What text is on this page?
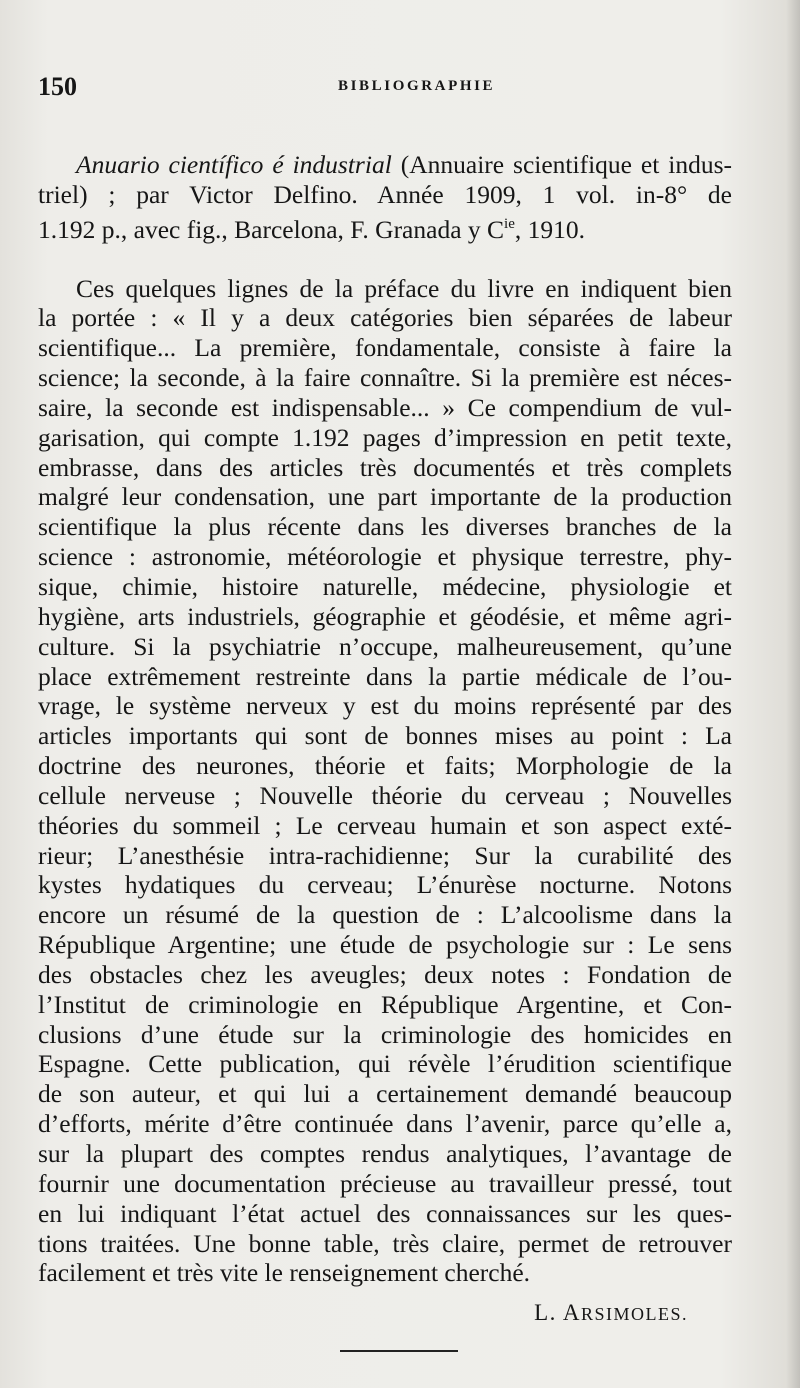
150	BIBLIOGRAPHIE
Anuario científico é industrial (Annuaire scientifique et indus-
triel) ; par Victor Delfino. Année 1909, 1 vol. in-8° de
1.192 p., avec fig., Barcelona, F. Granada y $C^{ie}$, 1910.
Ces quelques lignes de la préface du livre en indiquent bien
la portée : « Il y a deux catégories bien séparées de labeur
scientifique... La première, fondamentale, consiste à faire la
science; la seconde, à la faire connaître. Si la première est néces-
saire, la seconde est indispensable... » Ce compendium de vul-
garisation, qui compte 1.192 pages d’impression en petit texte,
embrasse, dans des articles très documentés et très complets
malgré leur condensation, une part importante de la production
scientifique la plus récente dans les diverses branches de la
science : astronomie, météorologie et physique terrestre, phy-
sique, chimie, histoire naturelle, médecine, physiologie et
hygiène, arts industriels, géographie et géodésie, et même agri-
culture. Si la psychiatrie n’occupe, malheureusement, qu’une
place extrêmement restreinte dans la partie médicale de l’ou-
vrage, le système nerveux y est du moins représenté par des
articles importants qui sont de bonnes mises au point : La
doctrine des neurones, théorie et faits; Morphologie de la
cellule nerveuse ; Nouvelle théorie du cerveau ; Nouvelles
théories du sommeil ; Le cerveau humain et son aspect exté-
rieur; L’anesthésie intra-rachidienne; Sur la curabilité des
kystes hydatiques du cerveau; L’énurèse nocturne. Notons
encore un résumé de la question de : L’alcoolisme dans la
République Argentine; une étude de psychologie sur : Le sens
des obstacles chez les aveugles; deux notes : Fondation de
l’Institut de criminologie en République Argentine, et Con-
clusions d’une étude sur la criminologie des homicides en
Espagne. Cette publication, qui révèle l’érudition scientifique
de son auteur, et qui lui a certainement demandé beaucoup
d’efforts, mérite d’être continuée dans l’avenir, parce qu’elle a,
sur la plupart des comptes rendus analytiques, l’avantage de
fournir une documentation précieuse au travailleur pressé, tout
en lui indiquant l’état actuel des connaissances sur les ques-
tions traitées. Une bonne table, très claire, permet de retrouver
facilement et très vite le renseignement cherché.
L. ARSIMOLES.
